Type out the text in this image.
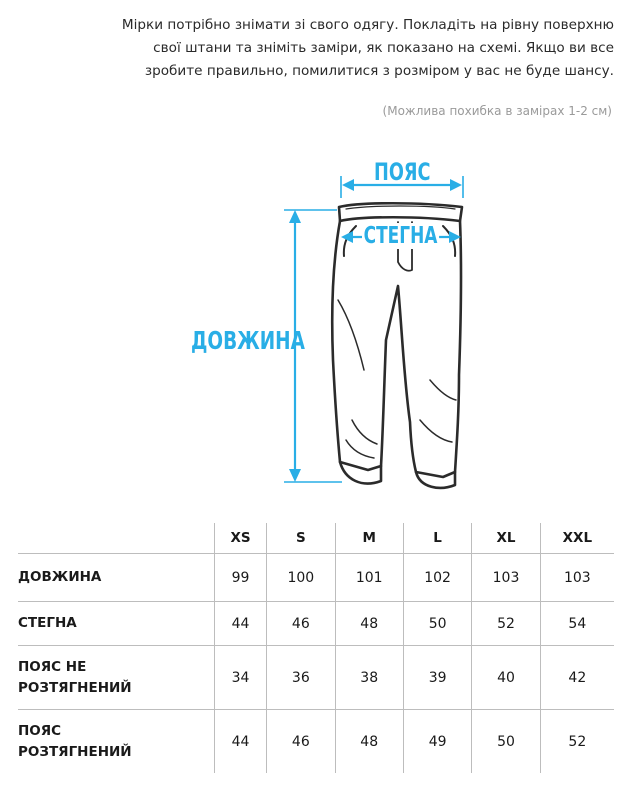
Мірки потрібно знімати зі свого одягу. Покладіть на рівну поверхню
свої штани та зніміть заміри, як показано на схемі. Якщо ви все
зробите правильно, помилитися з розміром у вас не буде шансу.
(Можлива похибка в замірах 1-2 см)
ПОЯС
СТЕГНА
ДОВЖИНА
	XS	S	M	L	XL	XXL
ДОВЖИНА	99	100	101	102	103	103
СТЕГНА	44	46	48	50	52	54

ПОЯС НЕ
РОЗТЯГНЕНИЙ	34	36	38	39	40	42

ПОЯС
РОЗТЯГНЕНИЙ	44	46	48	49	50	52
